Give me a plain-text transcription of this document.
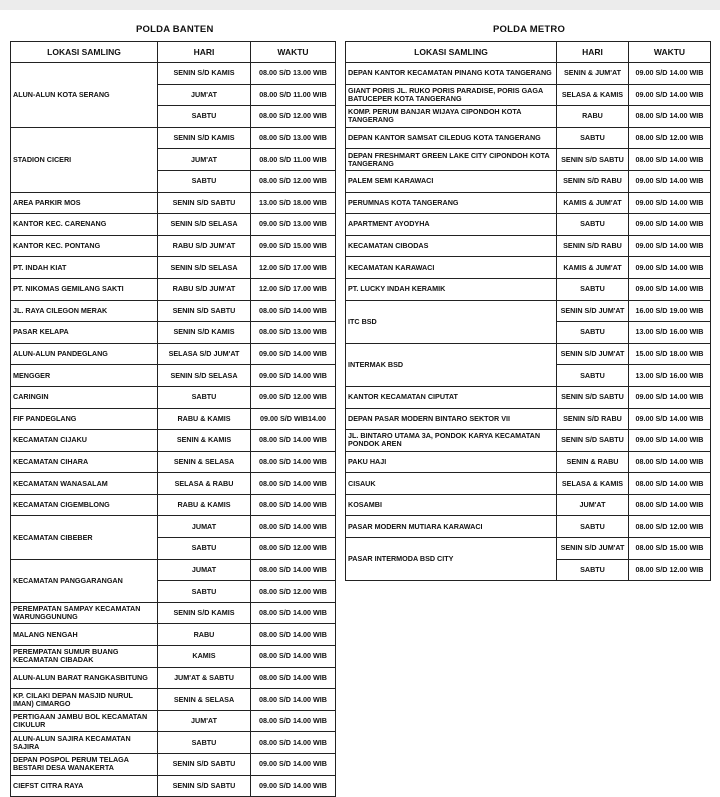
POLDA BANTEN	POLDA METRO
LOKASI SAMLING	HARI	WAKTU
ALUN-ALUN KOTA SERANG	SENIN S/D KAMIS	08.00 S/D 13.00 WIB
	JUM'AT	08.00 S/D 11.00 WIB
	SABTU	08.00 S/D 12.00 WIB
STADION CICERI	SENIN S/D KAMIS	08.00 S/D 13.00 WIB
	JUM'AT	08.00 S/D 11.00 WIB
	SABTU	08.00 S/D 12.00 WIB
AREA PARKIR MOS	SENIN S/D SABTU	13.00 S/D 18.00 WIB
KANTOR KEC. CARENANG	SENIN S/D SELASA	09.00 S/D 13.00 WIB
KANTOR KEC. PONTANG	RABU S/D JUM'AT	09.00 S/D 15.00 WIB
PT. INDAH KIAT	SENIN S/D SELASA	12.00 S/D 17.00 WIB
PT. NIKOMAS GEMILANG SAKTI	RABU S/D JUM'AT	12.00 S/D 17.00 WIB
JL. RAYA CILEGON MERAK	SENIN S/D SABTU	08.00 S/D 14.00 WIB
PASAR KELAPA	SENIN S/D KAMIS	08.00 S/D 13.00 WIB
ALUN-ALUN PANDEGLANG	SELASA S/D JUM'AT	09.00 S/D 14.00 WIB
MENGGER	SENIN S/D SELASA	09.00 S/D 14.00 WIB
CARINGIN	SABTU	09.00 S/D 12.00 WIB
FIF PANDEGLANG	RABU & KAMIS	09.00 S/D WIB14.00
KECAMATAN CIJAKU	SENIN & KAMIS	08.00 S/D 14.00 WIB
KECAMATAN CIHARA	SENIN & SELASA	08.00 S/D 14.00 WIB
KECAMATAN WANASALAM	SELASA & RABU	08.00 S/D 14.00 WIB
KECAMATAN CIGEMBLONG	RABU & KAMIS	08.00 S/D 14.00 WIB
KECAMATAN CIBEBER	JUMAT	08.00 S/D 14.00 WIB
	SABTU	08.00 S/D 12.00 WIB
KECAMATAN PANGGARANGAN	JUMAT	08.00 S/D 14.00 WIB
	SABTU	08.00 S/D 12.00 WIB
PEREMPATAN SAMPAY KECAMATAN WARUNGGUNUNG	SENIN S/D KAMIS	08.00 S/D 14.00 WIB
MALANG NENGAH	RABU	08.00 S/D 14.00 WIB
PEREMPATAN SUMUR BUANG KECAMATAN CIBADAK	KAMIS	08.00 S/D 14.00 WIB
ALUN-ALUN BARAT RANGKASBITUNG	JUM'AT & SABTU	08.00 S/D 14.00 WIB
KP. CILAKI DEPAN MASJID NURUL IMAN) CIMARGO	SENIN & SELASA	08.00 S/D 14.00 WIB
PERTIGAAN JAMBU BOL KECAMATAN CIKULUR	JUM'AT	08.00 S/D 14.00 WIB
ALUN-ALUN SAJIRA KECAMATAN SAJIRA	SABTU	08.00 S/D 14.00 WIB
DEPAN POSPOL PERUM TELAGA BESTARI DESA WANAKERTA	SENIN S/D SABTU	09.00 S/D 14.00 WIB
CIEFST CITRA RAYA	SENIN S/D SABTU	09.00 S/D 14.00 WIB
LOKASI SAMLING	HARI	WAKTU
DEPAN KANTOR KECAMATAN PINANG KOTA TANGERANG	SENIN & JUM'AT	09.00 S/D 14.00 WIB
GIANT PORIS JL. RUKO PORIS PARADISE, PORIS GAGA BATUCEPER KOTA TANGERANG	SELASA & KAMIS	09.00 S/D 14.00 WIB
KOMP. PERUM BANJAR WIJAYA CIPONDOH KOTA TANGERANG	RABU	08.00 S/D 14.00 WIB
DEPAN KANTOR SAMSAT CILEDUG KOTA TANGERANG	SABTU	08.00 S/D 12.00 WIB
DEPAN FRESHMART GREEN LAKE CITY CIPONDOH KOTA TANGERANG	SENIN S/D SABTU	08.00 S/D 14.00 WIB
PALEM SEMI KARAWACI	SENIN S/D RABU	09.00 S/D 14.00 WIB
PERUMNAS KOTA TANGERANG	KAMIS & JUM'AT	09.00 S/D 14.00 WIB
APARTMENT AYODYHA	SABTU	09.00 S/D 14.00 WIB
KECAMATAN CIBODAS	SENIN S/D RABU	09.00 S/D 14.00 WIB
KECAMATAN KARAWACI	KAMIS & JUM'AT	09.00 S/D 14.00 WIB
PT. LUCKY INDAH KERAMIK	SABTU	09.00 S/D 14.00 WIB
ITC BSD	SENIN S/D JUM'AT	16.00 S/D 19.00 WIB
	SABTU	13.00 S/D 16.00 WIB
INTERMAK BSD	SENIN S/D JUM'AT	15.00 S/D 18.00 WIB
	SABTU	13.00 S/D 16.00 WIB
KANTOR KECAMATAN CIPUTAT	SENIN S/D SABTU	09.00 S/D 14.00 WIB
DEPAN PASAR MODERN BINTARO SEKTOR VII	SENIN S/D RABU	09.00 S/D 14.00 WIB
JL. BINTARO UTAMA 3A, PONDOK KARYA KECAMATAN PONDOK AREN	SENIN S/D SABTU	09.00 S/D 14.00 WIB
PAKU HAJI	SENIN & RABU	08.00 S/D 14.00 WIB
CISAUK	SELASA & KAMIS	08.00 S/D 14.00 WIB
KOSAMBI	JUM'AT	08.00 S/D 14.00 WIB
PASAR MODERN MUTIARA KARAWACI	SABTU	08.00 S/D 12.00 WIB
PASAR INTERMODA BSD CITY	SENIN S/D JUM'AT	08.00 S/D 15.00 WIB
	SABTU	08.00 S/D 12.00 WIB
